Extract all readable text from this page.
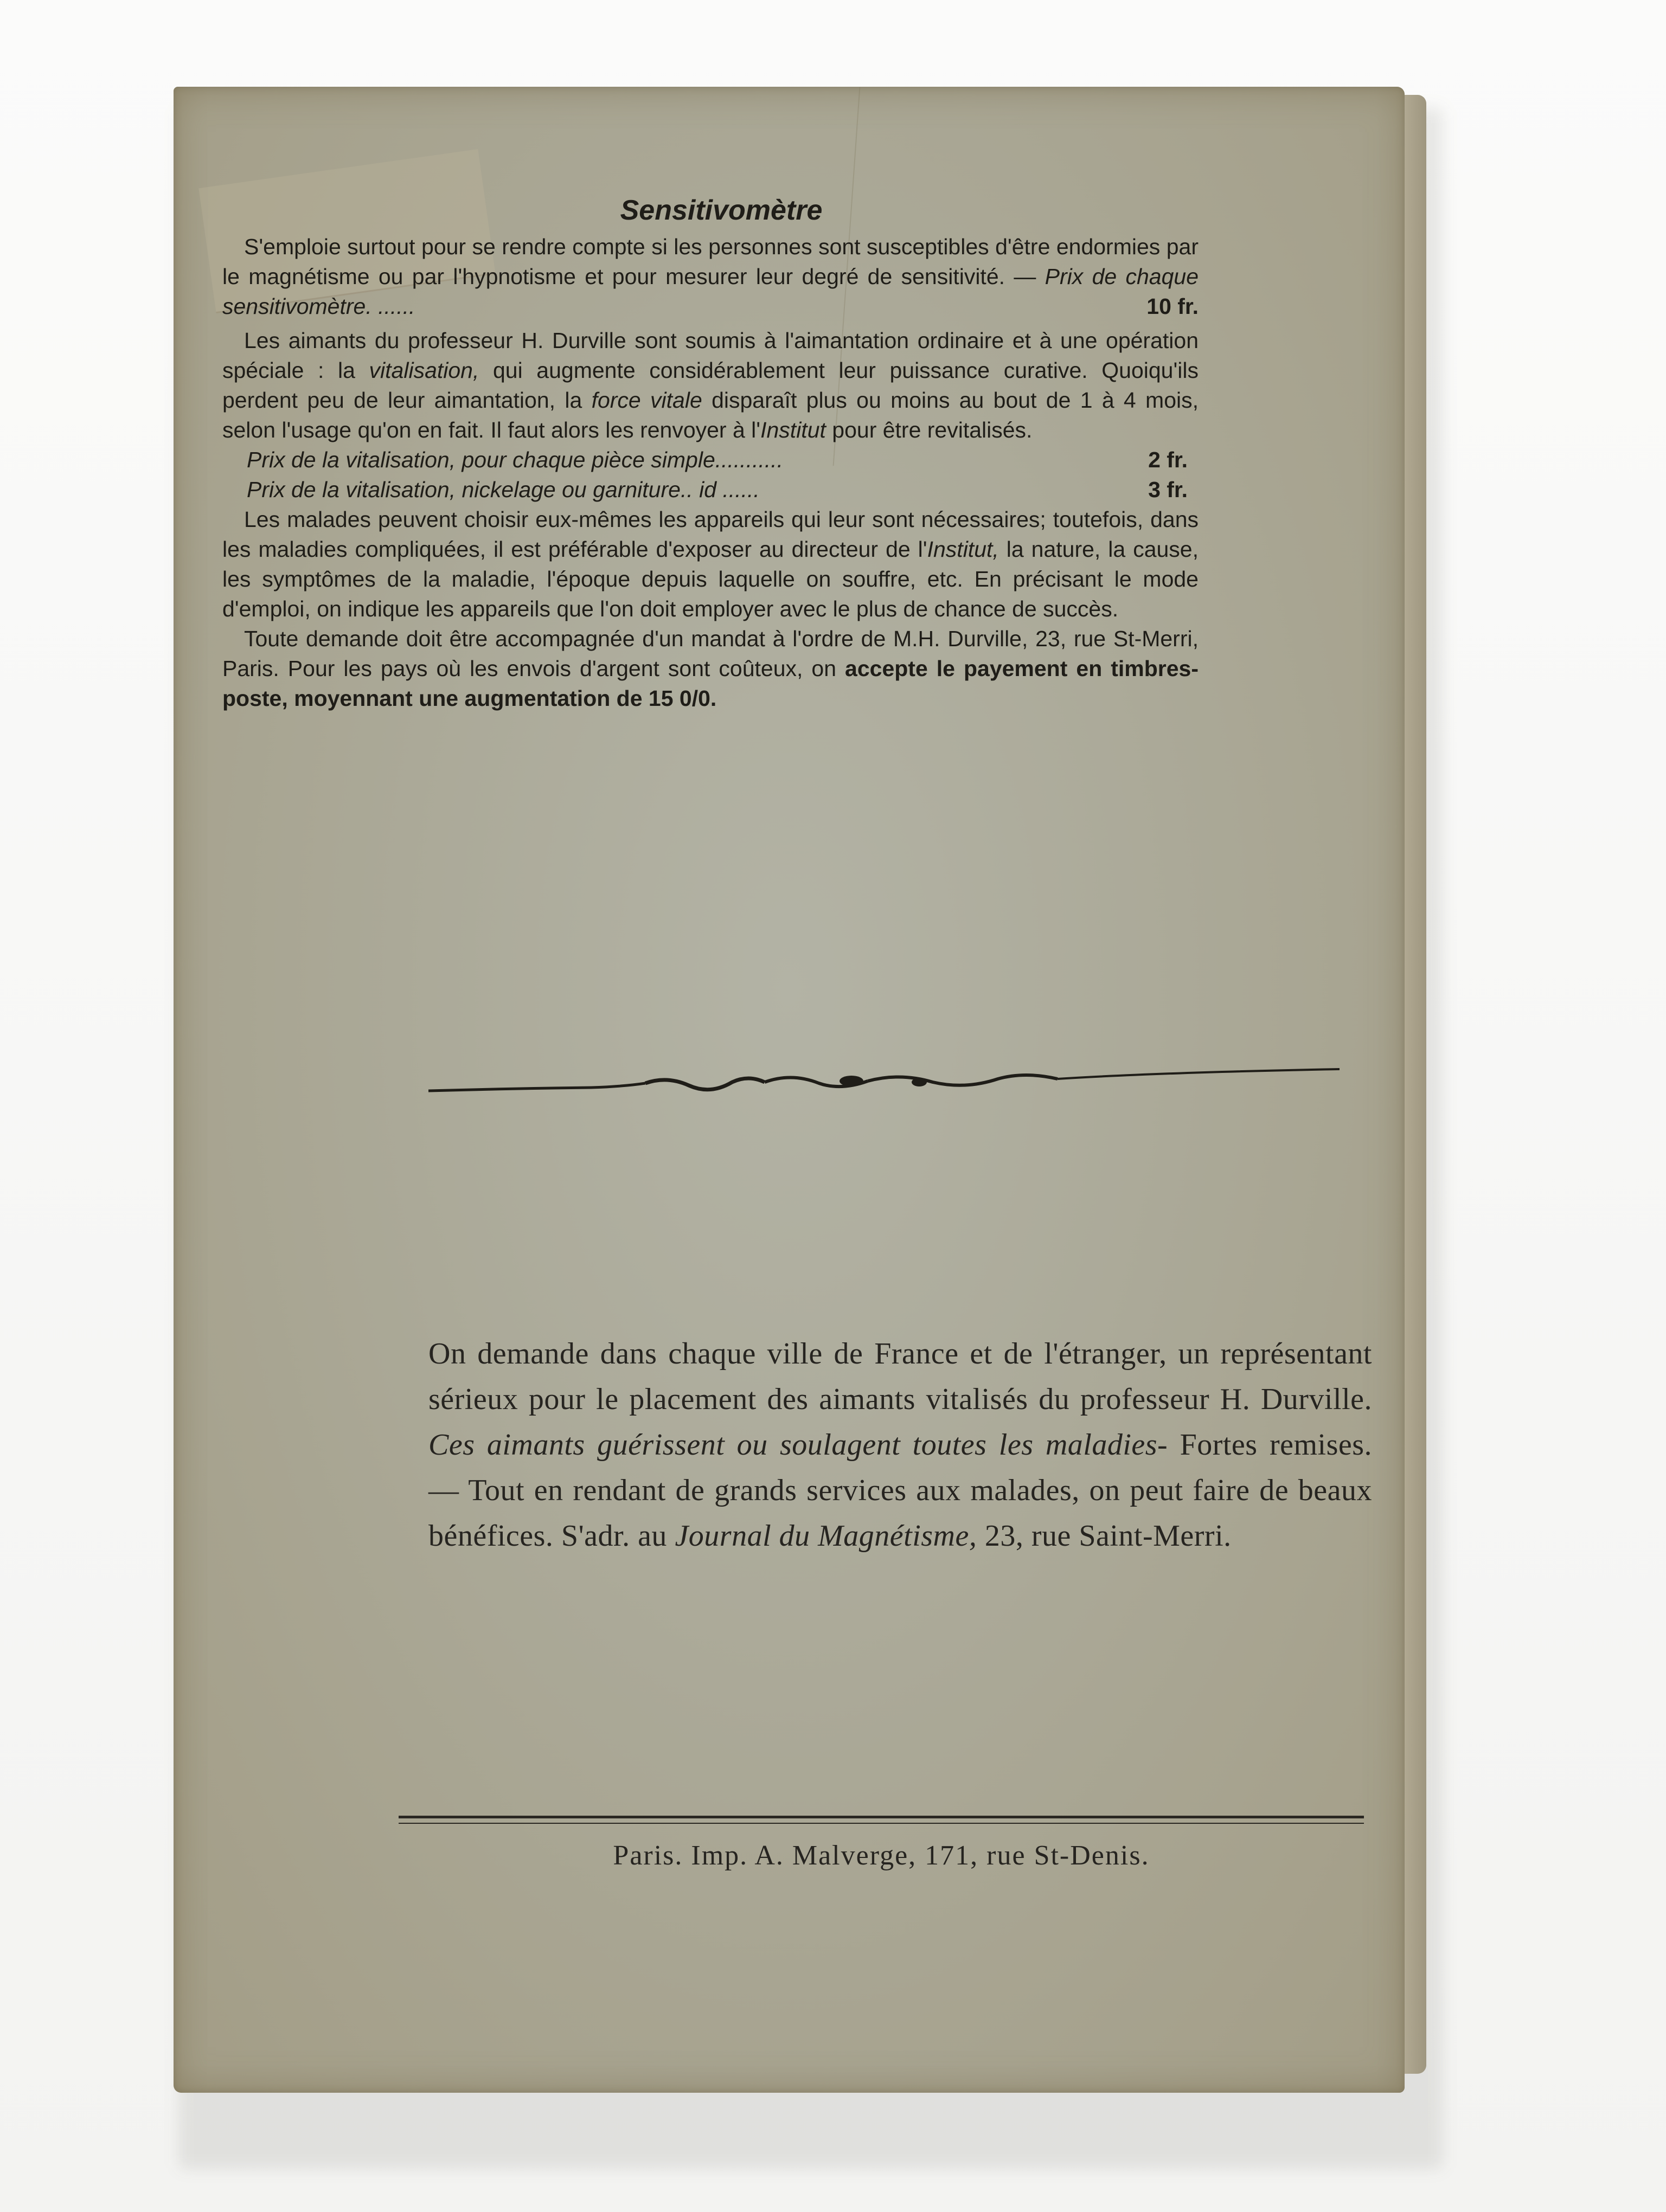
Sensitivomètre

S'emploie surtout pour se rendre compte si les personnes sont susceptibles d'être endormies par le magnétisme ou par l'hypnotisme et pour mesurer leur degré de sensitivité. — Prix de chaque sensitivomètre. ......	10 fr.

Les aimants du professeur H. Durville sont soumis à l'aimantation ordinaire et à une opération spéciale : la vitalisation, qui augmente considérablement leur puissance curative. Quoiqu'ils perdent peu de leur aimantation, la force vitale disparaît plus ou moins au bout de 1 à 4 mois, selon l'usage qu'on en fait. Il faut alors les renvoyer à l'Institut pour être revitalisés.

Prix de la vitalisation, pour chaque pièce simple...........	2 fr.
Prix de la vitalisation, nickelage ou garniture.. id ......	3 fr.

Les malades peuvent choisir eux-mêmes les appareils qui leur sont nécessaires; toutefois, dans les maladies compliquées, il est préférable d'exposer au directeur de l'Institut, la nature, la cause, les symptômes de la maladie, l'époque depuis laquelle on souffre, etc. En précisant le mode d'emploi, on indique les appareils que l'on doit employer avec le plus de chance de succès.

Toute demande doit être accompagnée d'un mandat à l'ordre de M.H. Durville, 23, rue St-Merri, Paris. Pour les pays où les envois d'argent sont coûteux, on accepte le payement en timbres-poste, moyennant une augmentation de 15 0/0.

On demande dans chaque ville de France et de l'étranger, un représentant sérieux pour le placement des aimants vitalisés du professeur H. Durville. Ces aimants guérissent ou soulagent toutes les maladies- Fortes remises. — Tout en rendant de grands services aux malades, on peut faire de beaux bénéfices. S'adr. au Journal du Magnétisme, 23, rue Saint-Merri.

Paris. Imp. A. Malverge, 171, rue St-Denis.
